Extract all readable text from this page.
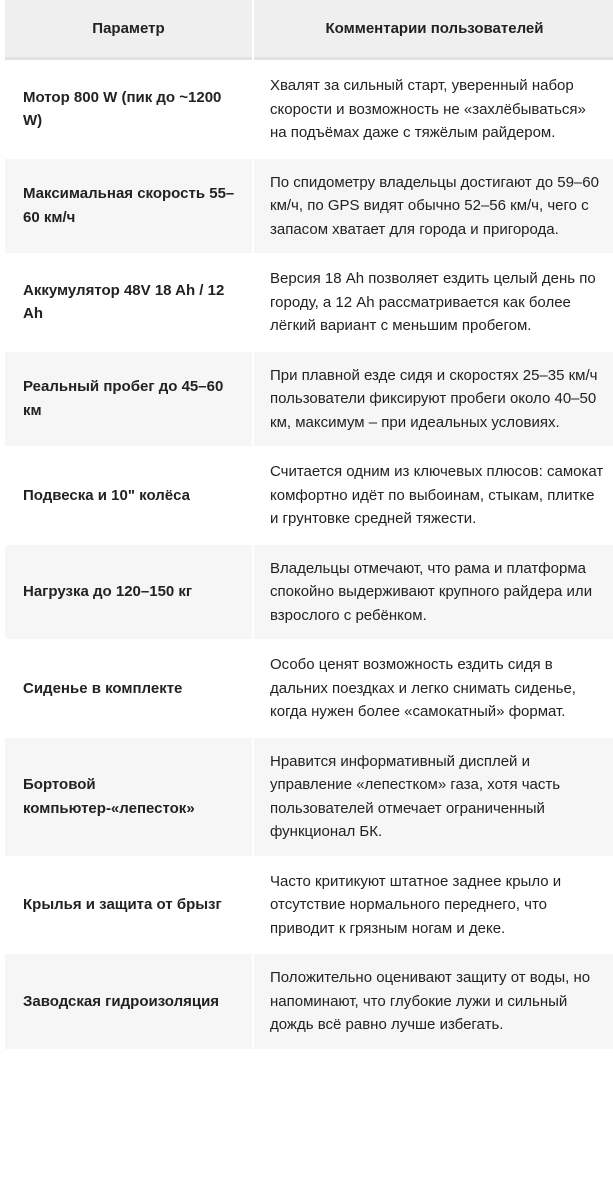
Параметр	Комментарии пользователей
Мотор 800 W (пик до ~1200 W)	Хвалят за сильный старт, уверенный набор скорости и возможность не «захлёбываться» на подъёмах даже с тяжёлым райдером.
Максимальная скорость 55–60 км/ч	По спидометру владельцы достигают до 59–60 км/ч, по GPS видят обычно 52–56 км/ч, чего с запасом хватает для города и пригорода.
Аккумулятор 48V 18 Ah / 12 Ah	Версия 18 Ah позволяет ездить целый день по городу, а 12 Ah рассматривается как более лёгкий вариант с меньшим пробегом.
Реальный пробег до 45–60 км	При плавной езде сидя и скоростях 25–35 км/ч пользователи фиксируют пробеги около 40–50 км, максимум – при идеальных условиях.
Подвеска и 10" колёса	Считается одним из ключевых плюсов: самокат комфортно идёт по выбоинам, стыкам, плитке и грунтовке средней тяжести.
Нагрузка до 120–150 кг	Владельцы отмечают, что рама и платформа спокойно выдерживают крупного райдера или взрослого с ребёнком.
Сиденье в комплекте	Особо ценят возможность ездить сидя в дальних поездках и легко снимать сиденье, когда нужен более «самокатный» формат.
Бортовой компьютер-«лепесток»	Нравится информативный дисплей и управление «лепестком» газа, хотя часть пользователей отмечает ограниченный функционал БК.
Крылья и защита от брызг	Часто критикуют штатное заднее крыло и отсутствие нормального переднего, что приводит к грязным ногам и деке.
Заводская гидроизоляция	Положительно оценивают защиту от воды, но напоминают, что глубокие лужи и сильный дождь всё равно лучше избегать.
